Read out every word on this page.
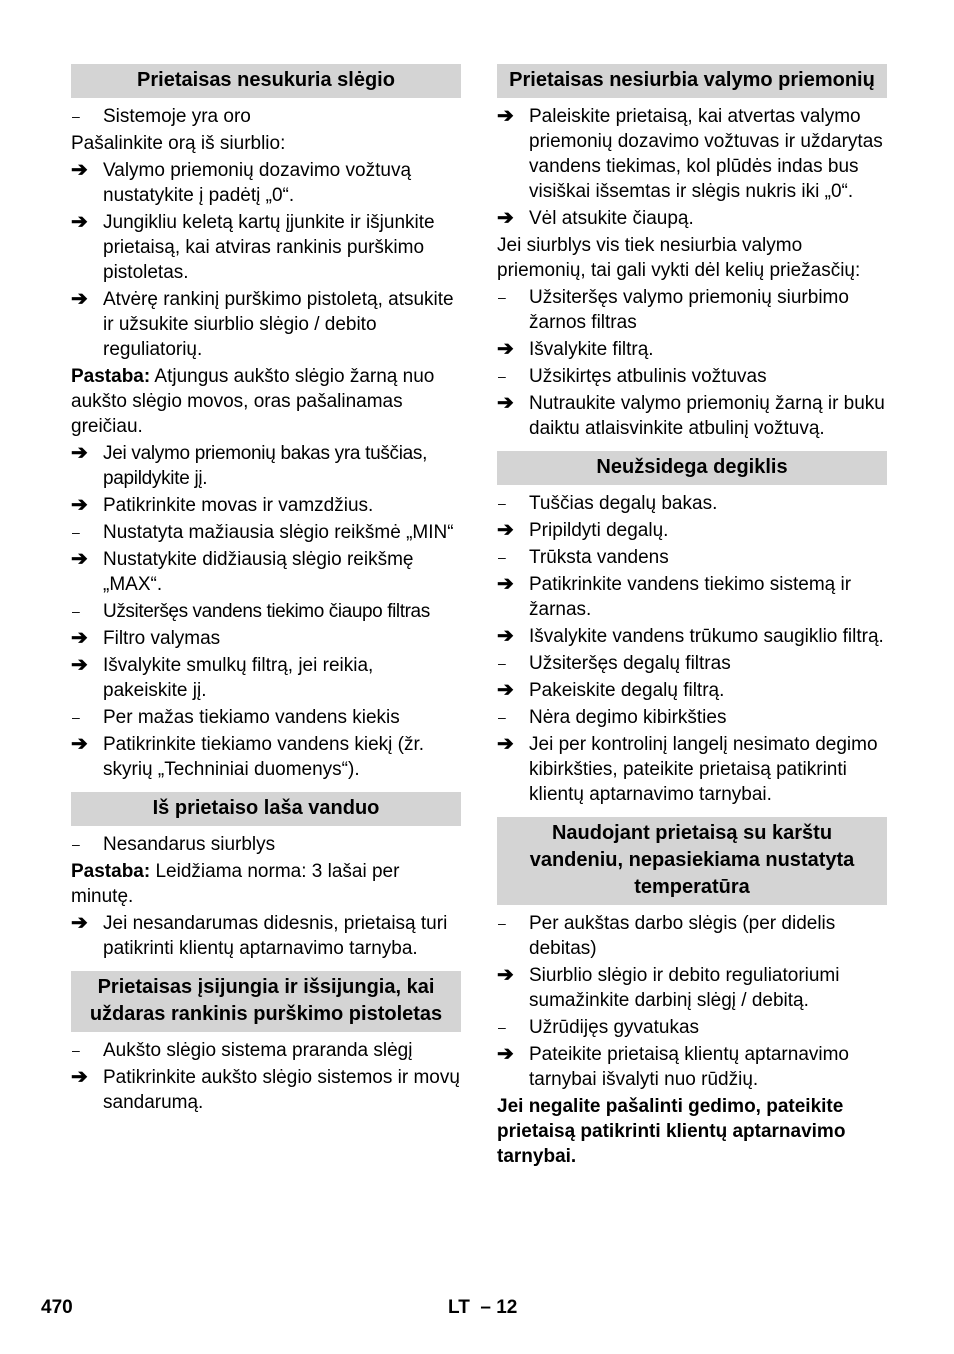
Prietaisas nesukuria slėgio
–	Sistemoje yra oro
Pašalinkite orą iš siurblio:
➔ Valymo priemonių dozavimo vožtuvą nustatykite į padėtį „0“.
➔ Jungikliu keletą kartų įjunkite ir išjunkite prietaisą, kai atviras rankinis purškimo pistoletas.
➔ Atvėrę rankinį purškimo pistoletą, atsukite ir užsukite siurblio slėgio / debito reguliatorių.
Pastaba: Atjungus aukšto slėgio žarną nuo aukšto slėgio movos, oras pašalinamas greičiau.
➔ Jei valymo priemonių bakas yra tuščias, papildykite jį.
➔ Patikrinkite movas ir vamzdžius.
–	Nustatyta mažiausia slėgio reikšmė „MIN“
➔ Nustatykite didžiausią slėgio reikšmę „MAX“.
–	Užsiteršęs vandens tiekimo čiaupo filtras
➔ Filtro valymas
➔ Išvalykite smulkų filtrą, jei reikia, pakeiskite jį.
–	Per mažas tiekiamo vandens kiekis
➔ Patikrinkite tiekiamo vandens kiekį (žr. skyrių „Techniniai duomenys“).
Iš prietaiso laša vanduo
–	Nesandarus siurblys
Pastaba: Leidžiama norma: 3 lašai per minutę.
➔ Jei nesandarumas didesnis, prietaisą turi patikrinti klientų aptarnavimo tarnyba.
Prietaisas įsijungia ir išsijungia, kai uždaras rankinis purškimo pistoletas
–	Aukšto slėgio sistema praranda slėgį
➔ Patikrinkite aukšto slėgio sistemos ir movų sandarumą.
Prietaisas nesiurbia valymo priemonių
➔ Paleiskite prietaisą, kai atvertas valymo priemonių dozavimo vožtuvas ir uždarytas vandens tiekimas, kol plūdės indas bus visiškai išsemtas ir slėgis nukris iki „0“.
➔ Vėl atsukite čiaupą.
Jei siurblys vis tiek nesiurbia valymo priemonių, tai gali vykti dėl kelių priežasčių:
–	Užsiteršęs valymo priemonių siurbimo žarnos filtras
➔ Išvalykite filtrą.
–	Užsikirtęs atbulinis vožtuvas
➔ Nutraukite valymo priemonių žarną ir buku daiktu atlaisvinkite atbulinį vožtuvą.
Neužsidega degiklis
–	Tuščias degalų bakas.
➔ Pripildyti degalų.
–	Trūksta vandens
➔ Patikrinkite vandens tiekimo sistemą ir žarnas.
➔ Išvalykite vandens trūkumo saugiklio filtrą.
–	Užsiteršęs degalų filtras
➔ Pakeiskite degalų filtrą.
–	Nėra degimo kibirkšties
➔ Jei per kontrolinį langelį nesimato degimo kibirkšties, pateikite prietaisą patikrinti klientų aptarnavimo tarnybai.
Naudojant prietaisą su karštu vandeniu, nepasiekiama nustatyta temperatūra
–	Per aukštas darbo slėgis (per didelis debitas)
➔ Siurblio slėgio ir debito reguliatoriumi sumažinkite darbinį slėgį / debitą.
–	Užrūdijęs gyvatukas
➔ Pateikite prietaisą klientų aptarnavimo tarnybai išvalyti nuo rūdžių.
Jei negalite pašalinti gedimo, pateikite prietaisą patikrinti klientų aptarnavimo tarnybai.
470	LT  – 12
